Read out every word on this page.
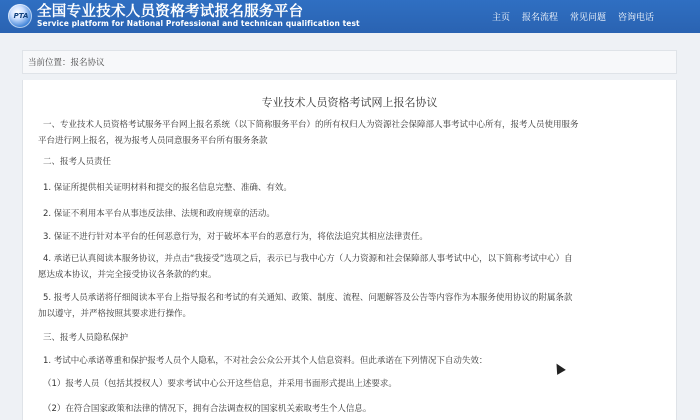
PTA 全国专业技术人员资格考试报名服务平台
Service platform for National Professional and technican qualification test
主页 报名流程 常见问题 咨询电话
当前位置：报名协议
专业技术人员资格考试网上报名协议
一、专业技术人员资格考试服务平台网上报名系统（以下简称服务平台）的所有权归人为资源社会保障部人事考试中心所有，报考人员使用服务
平台进行网上报名，视为报考人员同意服务平台所有服务条款
二、报考人员责任
1. 保证所提供相关证明材料和提交的报名信息完整、准确、有效。
2. 保证不利用本平台从事违反法律、法规和政府规章的活动。
3. 保证不进行针对本平台的任何恶意行为，对于破坏本平台的恶意行为，将依法追究其相应法律责任。
4. 承诺已认真阅读本服务协议，并点击“我接受”选项之后，表示已与我中心方（人力资源和社会保障部人事考试中心，以下简称考试中心）自
愿达成本协议，并完全接受协议各条款的约束。
5. 报考人员承诺将仔细阅读本平台上指导报名和考试的有关通知、政策、制度、流程、问题解答及公告等内容作为本服务使用协议的附属条款
加以遵守，并严格按照其要求进行操作。
三、报考人员隐私保护
1. 考试中心承诺尊重和保护报考人员个人隐私，不对社会公众公开其个人信息资料。但此承诺在下列情况下自动失效：
（1）报考人员（包括其授权人）要求考试中心公开这些信息，并采用书面形式提出上述要求。
（2）在符合国家政策和法律的情况下，拥有合法调查权的国家机关索取考生个人信息。
